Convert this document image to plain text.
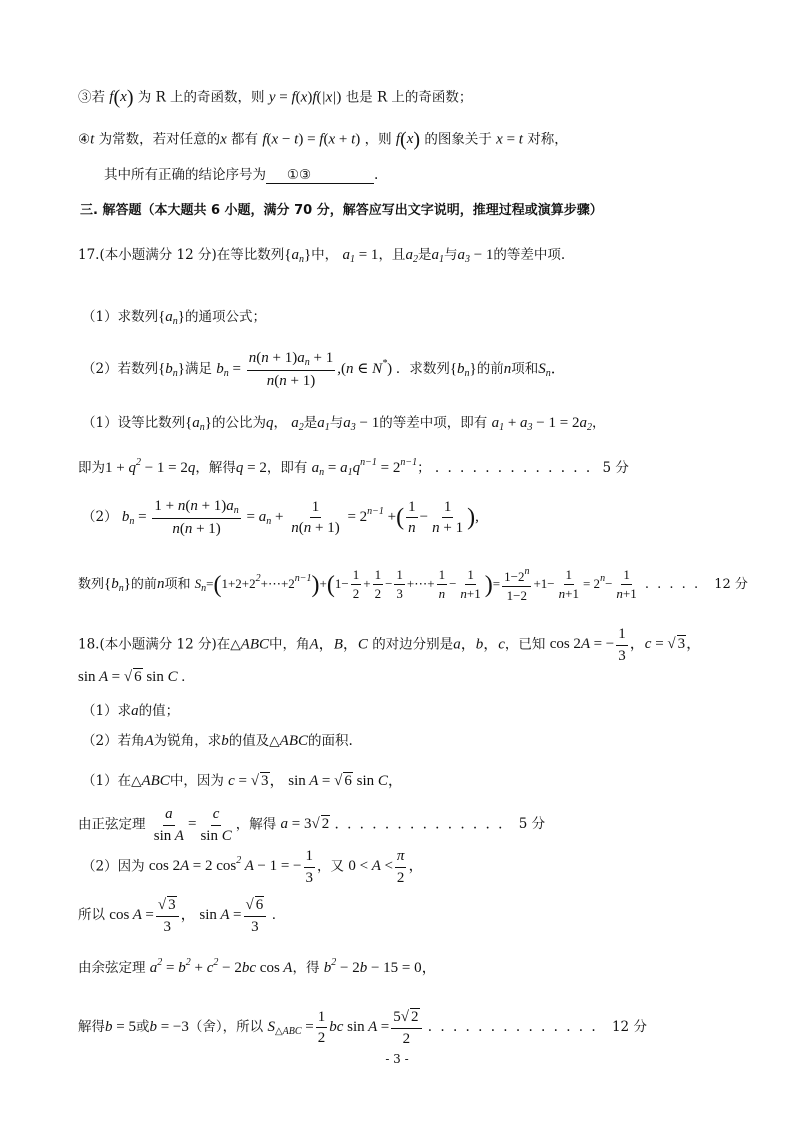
③若 f(x) 为 R 上的奇函数，则 y = f(x)f(|x|) 也是 R 上的奇函数；
④t 为常数，若对任意的x 都有 f(x − t) = f(x + t) ，则 f(x) 的图象关于 x = t 对称，
其中所有正确的结论序号为 ①③	.
三. 解答题（本大题共 6 小题，满分 70 分，解答应写出文字说明，推理过程或演算步骤）
17.(本小题满分 12 分)在等比数列$\{a_n\}$中， $a_1 = 1$，且$a_2$是$a_1$与$a_3 - 1$的等差中项.
（1）求数列$\{a_n\}$的通项公式；
（2）若数列$\{b_n\}$满足 $b_n = \frac{n(n + 1)a_n + 1}{n(n + 1)} ,(n$ ∈ N*) ．求数列$\{b_n\}$的前n项和$S_n$．
（1）设等比数列$\{a_n\}$的公比为q， $a_2$是$a_1$与$a_3 - 1$的等差中项，即有 $a_1 + a_3 - 1 = 2a_2$，
即为$1 + q^2 - 1 = 2q$，解得q = 2，即有 $a_n = a_1q^{n-1} = 2^{n-1}$； . . . . . . . . . . . . . 5 分
（2） $b_n = \frac{1 + n(n + 1)a_n}{n(n + 1)} = a_n + \frac{1}{n(n + 1)} = 2^{n-1}$ +( $\frac{1}{n} - \frac{1}{n + 1}$ ),
数列$\{b_n\}$的前n项和 $S_n=(1+2+2^2+\cdots+2^{n-1})+(1- \frac{1}{2} + \frac{1}{2} - \frac{1}{3}$ +⋯+ $\frac{1}{n} - \frac{1}{n+1}$ )= $\frac{1-2^n}{1-2} +1- \frac{1}{n+1} = 2^n- \frac{1}{n+1}$ . . . . . 12 分
18.(本小题满分 12 分)在△ABC中，角A，B，C 的对边分别是a，b，c，已知 cos 2A = − $\frac{1}{3}$ ，c = √ 3，
sin A = √ 6 sin C .
（1）求a的值；
（2）若角A为锐角，求b的值及△ABC的面积.
（1）在△ABC中，因为 c = √ 3， sin A = √ 6 sin C，
由正弦定理 $\frac{a}{\text{sin A}} = \frac{c}{\text{sin C}}$ ，解得 a = 3√ 2 . . . . . . . . . . . . . . 5 分
（2）因为 cos 2A = 2 $\cos^2 A - 1$ = − $\frac{1}{3}$ ，又 $0 < A < \frac{\pi}{2}$ ，
所以 $\cos A = \frac{√ 3}{3}$ ， $\sin A = \frac{√ 6}{3}$ .
由余弦定理 $a^2 = b^2 + c^2 - 2bc$ cos A，得 $b^2 - 2b - 15 = 0$，
解得b = 5或b = −3（舍），所以 $S_{\triangle ABC} = \frac{1}{2}$ bc $\sin A = \frac{5√ 2}{2}$ . . . . . . . . . . . . . . 12 分
- 3 -
